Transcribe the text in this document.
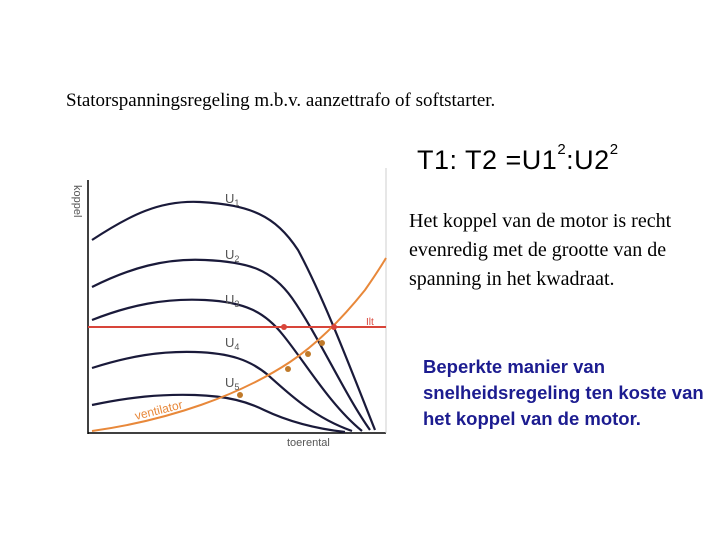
Statorspanningsregeling m.b.v. aanzettrafo of softstarter.
T1: $T2 =U1^2:U2^2$
Het koppel van de motor is recht evenredig met de grootte van de spanning in het kwadraat.
Beperkte manier van snelheidsregeling ten koste van het koppel van de motor.
koppel
toerental
Ilt
ventilator
$U_1$
$U_2$
$U_3$
$U_4$
$U_5$
